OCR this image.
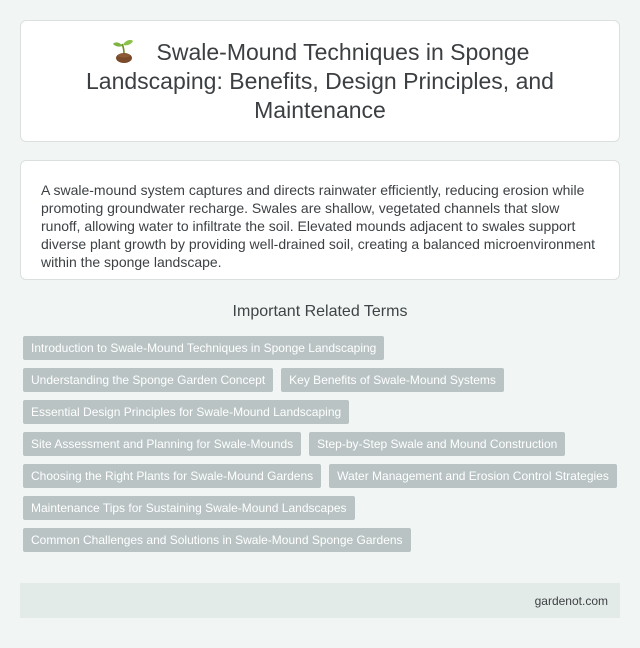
Swale-Mound Techniques in Sponge Landscaping: Benefits, Design Principles, and Maintenance

A swale-mound system captures and directs rainwater efficiently, reducing erosion while promoting groundwater recharge. Swales are shallow, vegetated channels that slow runoff, allowing water to infiltrate the soil. Elevated mounds adjacent to swales support diverse plant growth by providing well-drained soil, creating a balanced microenvironment within the sponge landscape.

Important Related Terms
Introduction to Swale-Mound Techniques in Sponge Landscaping
Understanding the Sponge Garden Concept	Key Benefits of Swale-Mound Systems
Essential Design Principles for Swale-Mound Landscaping
Site Assessment and Planning for Swale-Mounds	Step-by-Step Swale and Mound Construction
Choosing the Right Plants for Swale-Mound Gardens	Water Management and Erosion Control Strategies
Maintenance Tips for Sustaining Swale-Mound Landscapes
Common Challenges and Solutions in Swale-Mound Sponge Gardens
gardenot.com
